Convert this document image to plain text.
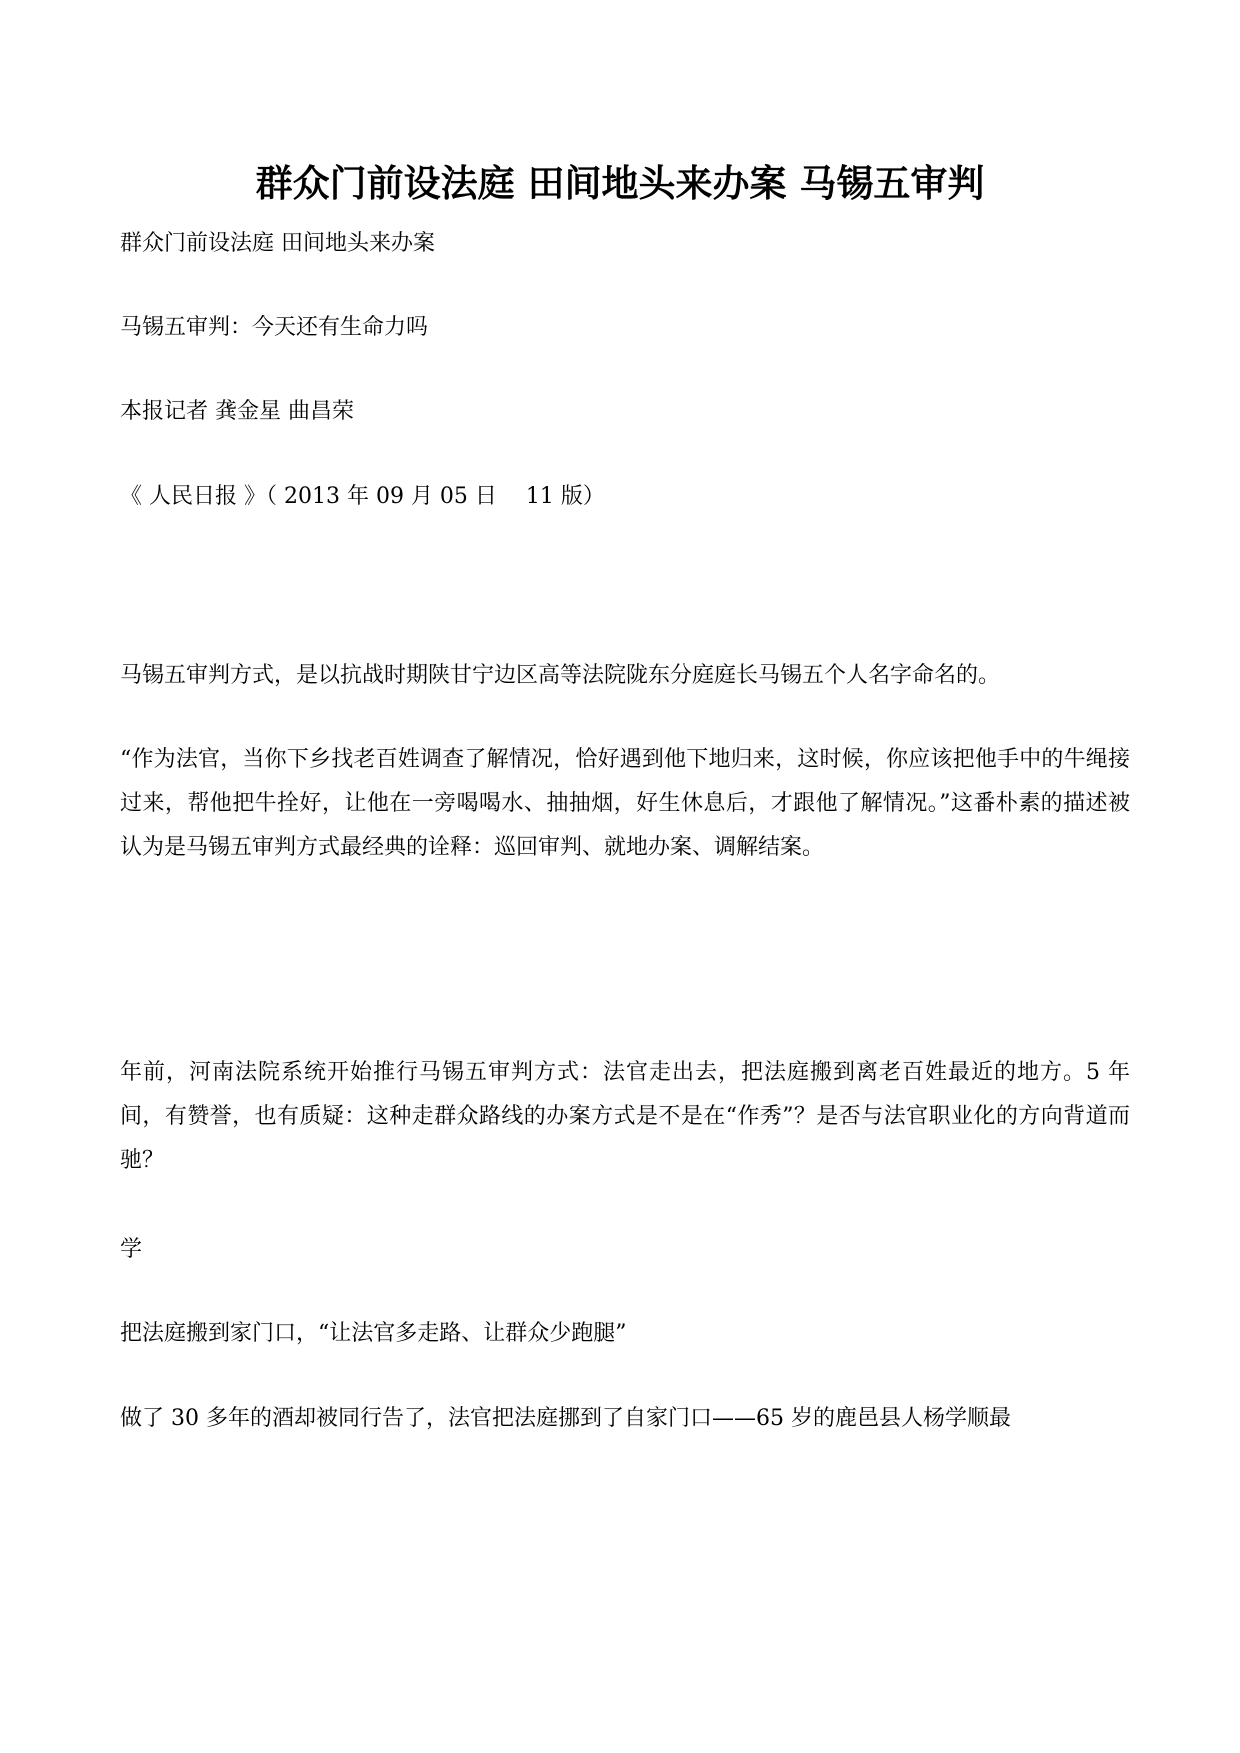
群众门前设法庭 田间地头来办案 马锡五审判

群众门前设法庭 田间地头来办案

马锡五审判：今天还有生命力吗

本报记者 龚金星 曲昌荣

《 人民日报 》（ 2013 年 09 月 05 日　 11 版）

马锡五审判方式，是以抗战时期陕甘宁边区高等法院陇东分庭庭长马锡五个人名字命名的。

“作为法官，当你下乡找老百姓调查了解情况，恰好遇到他下地归来，这时候，你应该把他手中的牛绳接过来，帮他把牛拴好，让他在一旁喝喝水、抽抽烟，好生休息后，才跟他了解情况。”这番朴素的描述被认为是马锡五审判方式最经典的诠释：巡回审判、就地办案、调解结案。

年前，河南法院系统开始推行马锡五审判方式：法官走出去，把法庭搬到离老百姓最近的地方。5 年间，有赞誉，也有质疑：这种走群众路线的办案方式是不是在“作秀”？是否与法官职业化的方向背道而驰？

学

把法庭搬到家门口，“让法官多走路、让群众少跑腿”

做了 30 多年的酒却被同行告了，法官把法庭挪到了自家门口——65 岁的鹿邑县人杨学顺最
